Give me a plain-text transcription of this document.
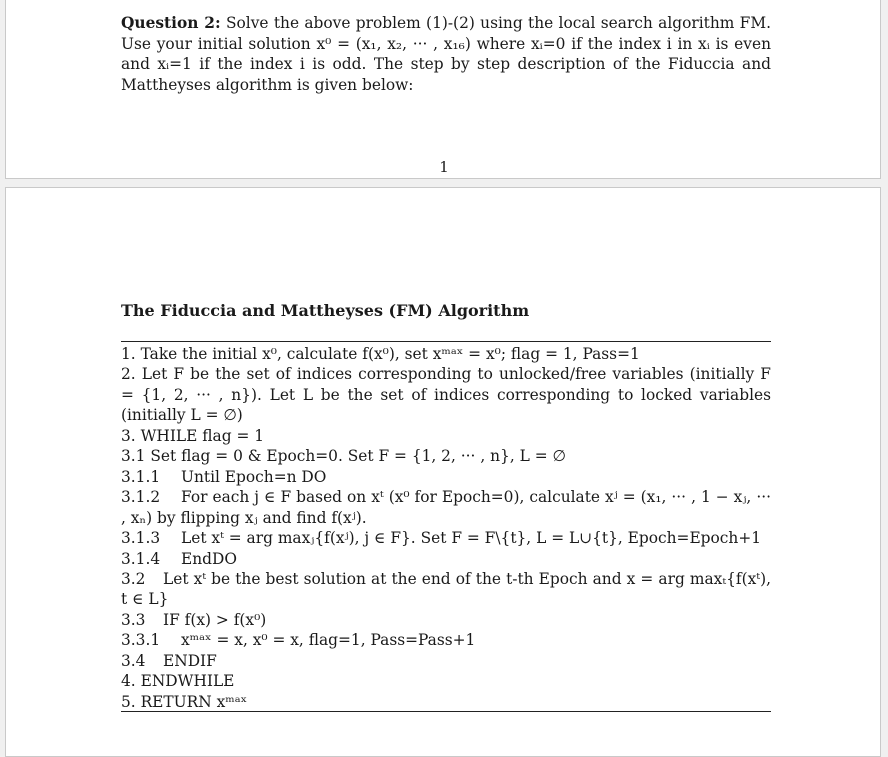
Question 2: Solve the above problem (1)-(2) using the local search algorithm FM. Use your initial solution x⁰ = (x₁, x₂, ··· , x₁₆) where xᵢ=0 if the index i in xᵢ is even and xᵢ=1 if the index i is odd. The step by step description of the Fiduccia and Mattheyses algorithm is given below:
1
The Fiduccia and Mattheyses (FM) Algorithm
1. Take the initial x⁰, calculate f(x⁰), set xᵐᵃˣ = x⁰; flag = 1, Pass=1
2. Let F be the set of indices corresponding to unlocked/free variables (initially F = {1, 2, ··· , n}). Let L be the set of indices corresponding to locked variables (initially L = ∅)
3. WHILE flag = 1
3.1 Set flag = 0 & Epoch=0. Set F = {1, 2, ··· , n}, L = ∅
3.1.1 Until Epoch=n DO
3.1.2 For each j ∈ F based on xᵗ (x⁰ for Epoch=0), calculate xʲ = (x₁, ··· , 1 − xⱼ, ··· , xₙ) by flipping xⱼ and find f(xʲ).
3.1.3 Let xᵗ = arg maxⱼ{f(xʲ), j ∈ F}. Set F = F\{t}, L = L∪{t}, Epoch=Epoch+1
3.1.4 EndDO
3.2 Let xᵗ be the best solution at the end of the t-th Epoch and x = arg maxₜ{f(xᵗ), t ∈ L}
3.3 IF f(x) > f(x⁰)
3.3.1 xᵐᵃˣ = x, x⁰ = x, flag=1, Pass=Pass+1
3.4 ENDIF
4. ENDWHILE
5. RETURN xᵐᵃˣ
